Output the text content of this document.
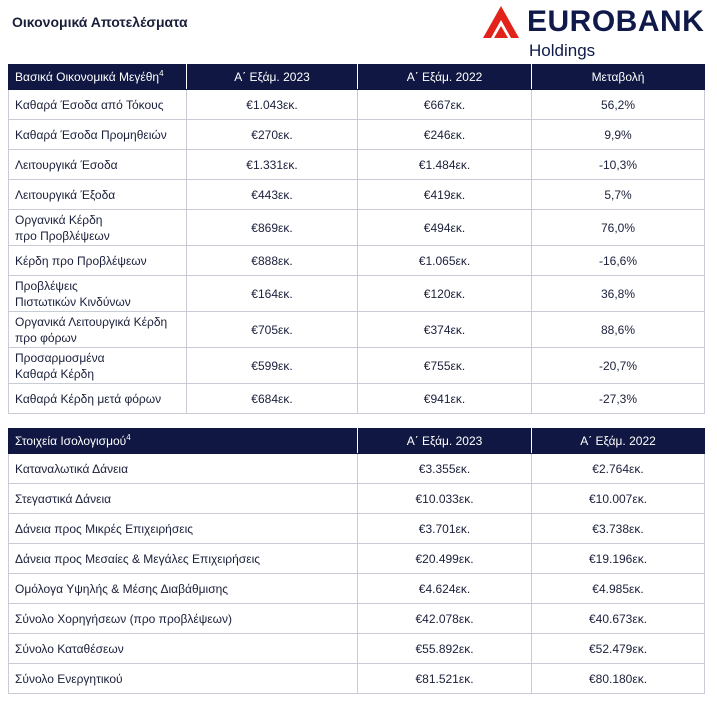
Οικονομικά Αποτελέσματα	EUROBANK
Holdings
Βασικά Οικονομικά Μεγέθη$^4$	Α΄ Εξάμ. 2023	Α΄ Εξάμ. 2022	Μεταβολή

Καθαρά Έσοδα από Τόκους	€1.043εκ.	€667εκ.	56,2%

Καθαρά Έσοδα Προμηθειών	€270εκ.	€246εκ.	9,9%

Λειτουργικά Έσοδα	€1.331εκ.	€1.484εκ.	-10,3%

Λειτουργικά Έξοδα	€443εκ.	€419εκ.	5,7%

Οργανικά Κέρδη
προ Προβλέψεων	€869εκ.	€494εκ.	76,0%

Κέρδη προ Προβλέψεων	€888εκ.	€1.065εκ.	-16,6%

Προβλέψεις
Πιστωτικών Κινδύνων	€164εκ.	€120εκ.	36,8%

Οργανικά Λειτουργικά Κέρδη
προ φόρων	€705εκ.	€374εκ.	88,6%

Προσαρμοσμένα
Καθαρά Κέρδη	€599εκ.	€755εκ.	-20,7%

Καθαρά Κέρδη μετά φόρων	€684εκ.	€941εκ.	-27,3%
Στοιχεία Ισολογισμού$^4$	Α΄ Εξάμ. 2023	Α΄ Εξάμ. 2022
Καταναλωτικά Δάνεια	€3.355εκ.	€2.764εκ.
Στεγαστικά Δάνεια	€10.033εκ.	€10.007εκ.
Δάνεια προς Μικρές Επιχειρήσεις	€3.701εκ.	€3.738εκ.
Δάνεια προς Μεσαίες & Μεγάλες Επιχειρήσεις	€20.499εκ.	€19.196εκ.
Ομόλογα Υψηλής & Μέσης Διαβάθμισης	€4.624εκ.	€4.985εκ.
Σύνολο Χορηγήσεων (προ προβλέψεων)	€42.078εκ.	€40.673εκ.
Σύνολο Καταθέσεων	€55.892εκ.	€52.479εκ.
Σύνολο Ενεργητικού	€81.521εκ.	€80.180εκ.
